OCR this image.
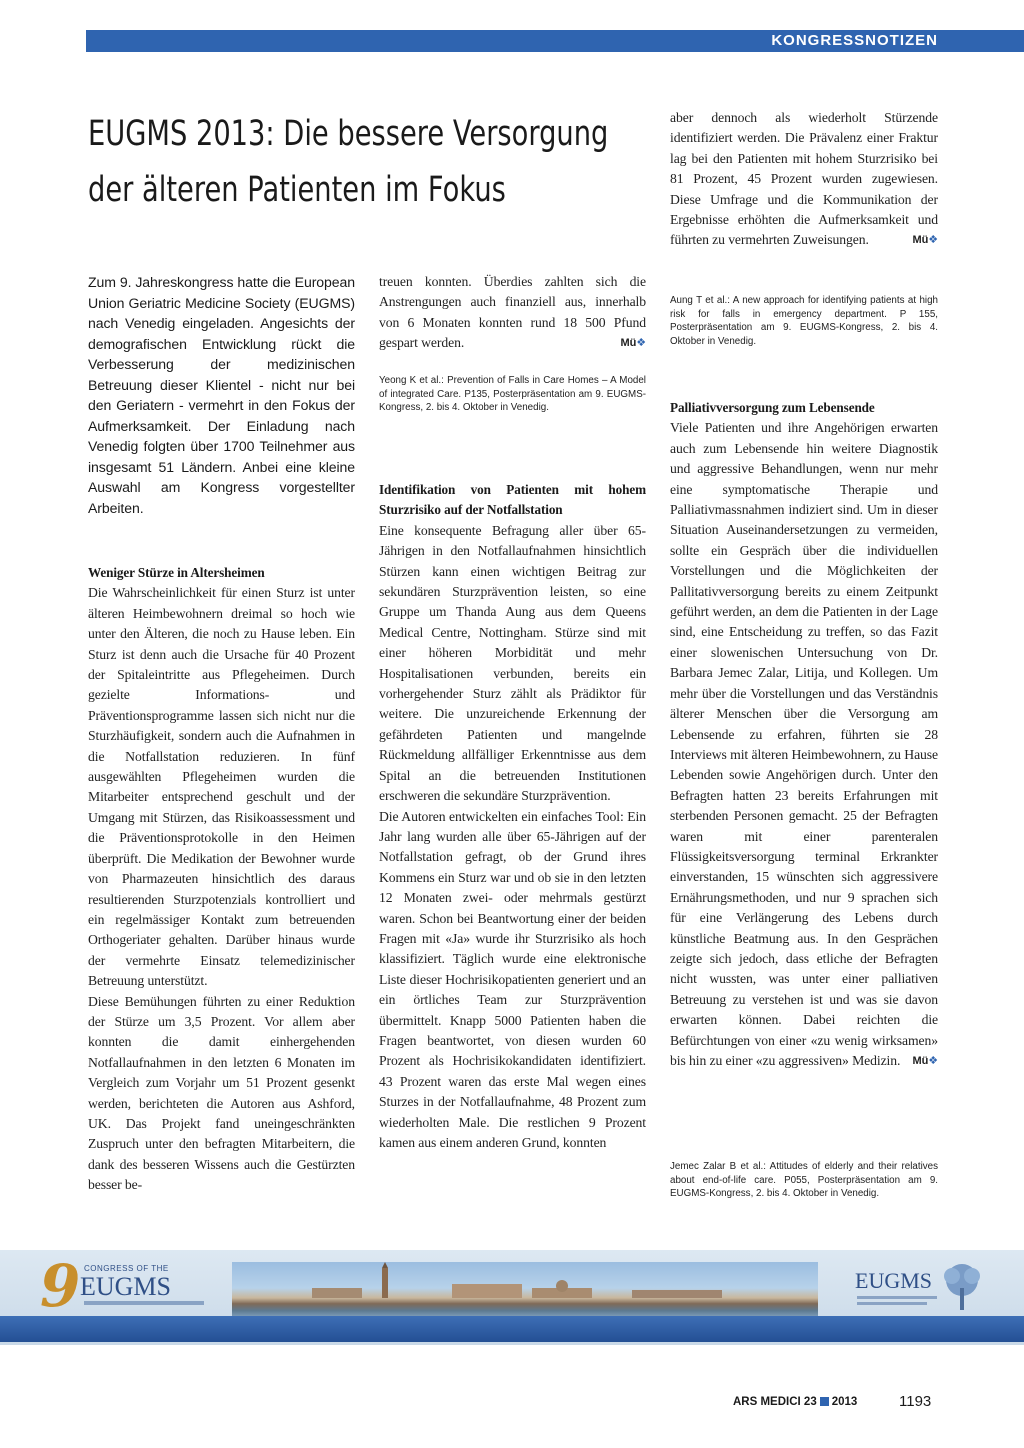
KONGRESSNOTIZEN
EUGMS 2013: Die bessere Versorgung
der älteren Patienten im Fokus
Zum 9. Jahreskongress hatte die European Union Geriatric Medicine Society (EUGMS) nach Venedig eingeladen. Angesichts der demografischen Entwicklung rückt die Verbesserung der medizinischen Betreuung dieser Klientel - nicht nur bei den Geriatern - vermehrt in den Fokus der Aufmerksamkeit. Der Einladung nach Venedig folgten über 1700 Teilnehmer aus insgesamt 51 Ländern. Anbei eine kleine Auswahl am Kongress vorgestellter Arbeiten.

Weniger Stürze in Altersheimen

Die Wahrscheinlichkeit für einen Sturz ist unter älteren Heimbewohnern dreimal so hoch wie unter den Älteren, die noch zu Hause leben. Ein Sturz ist denn auch die Ursache für 40 Prozent der Spitaleintritte aus Pflegeheimen. Durch gezielte Informations- und Präventionsprogramme lassen sich nicht nur die Sturzhäufigkeit, sondern auch die Aufnahmen in die Notfallstation reduzieren. In fünf ausgewählten Pflegeheimen wurden die Mitarbeiter entsprechend geschult und der Umgang mit Stürzen, das Risikoassessment und die Präventionsprotokolle in den Heimen überprüft. Die Medikation der Bewohner wurde von Pharmazeuten hinsichtlich des daraus resultierenden Sturzpotenzials kontrolliert und ein regelmässiger Kontakt zum betreuenden Orthogeriater gehalten. Darüber hinaus wurde der vermehrte Einsatz telemedizinischer Betreuung unterstützt.

Diese Bemühungen führten zu einer Reduktion der Stürze um 3,5 Prozent. Vor allem aber konnten die damit einhergehenden Notfallaufnahmen in den letzten 6 Monaten im Vergleich zum Vorjahr um 51 Prozent gesenkt werden, berichteten die Autoren aus Ashford, UK. Das Projekt fand uneingeschränkten Zuspruch unter den befragten Mitarbeitern, die dank des besseren Wissens auch die Gestürzten besser be-

treuen konnten. Überdies zahlten sich die Anstrengungen auch finanziell aus, innerhalb von 6 Monaten konnten rund 18 500 Pfund gespart werden.	Mü❖

Yeong K et al.: Prevention of Falls in Care Homes – A Model of integrated Care. P135, Posterpräsentation am 9. EUGMS-Kongress, 2. bis 4. Oktober in Venedig.

Identifikation von Patienten mit hohem Sturzrisiko auf der Notfallstation

Eine konsequente Befragung aller über 65-Jährigen in den Notfallaufnahmen hinsichtlich Stürzen kann einen wichtigen Beitrag zur sekundären Sturzprävention leisten, so eine Gruppe um Thanda Aung aus dem Queens Medical Centre, Nottingham. Stürze sind mit einer höheren Morbidität und mehr Hospitalisationen verbunden, bereits ein vorhergehender Sturz zählt als Prädiktor für weitere. Die unzureichende Erkennung der gefährdeten Patienten und mangelnde Rückmeldung allfälliger Erkenntnisse aus dem Spital an die betreuenden Institutionen erschweren die sekundäre Sturzprävention.

Die Autoren entwickelten ein einfaches Tool: Ein Jahr lang wurden alle über 65-Jährigen auf der Notfallstation gefragt, ob der Grund ihres Kommens ein Sturz war und ob sie in den letzten 12 Monaten zwei- oder mehrmals gestürzt waren. Schon bei Beantwortung einer der beiden Fragen mit «Ja» wurde ihr Sturzrisiko als hoch klassifiziert. Täglich wurde eine elektronische Liste dieser Hochrisikopatienten generiert und an ein örtliches Team zur Sturzprävention übermittelt. Knapp 5000 Patienten haben die Fragen beantwortet, von diesen wurden 60 Prozent als Hochrisikokandidaten identifiziert. 43 Prozent waren das erste Mal wegen eines Sturzes in der Notfallaufnahme, 48 Prozent zum wiederholten Male. Die restlichen 9 Prozent kamen aus einem anderen Grund, konnten

aber dennoch als wiederholt Stürzende identifiziert werden. Die Prävalenz einer Fraktur lag bei den Patienten mit hohem Sturzrisiko bei 81 Prozent, 45 Prozent wurden zugewiesen. Diese Umfrage und die Kommunikation der Ergebnisse erhöhten die Aufmerksamkeit und führten zu vermehrten Zuweisungen.	Mü❖

Aung T et al.: A new approach for identifying patients at high risk for falls in emergency department. P 155, Posterpräsentation am 9. EUGMS-Kongress, 2. bis 4. Oktober in Venedig.

Palliativversorgung zum Lebensende

Viele Patienten und ihre Angehörigen erwarten auch zum Lebensende hin weitere Diagnostik und aggressive Behandlungen, wenn nur mehr eine symptomatische Therapie und Palliativmassnahmen indiziert sind. Um in dieser Situation Auseinandersetzungen zu vermeiden, sollte ein Gespräch über die individuellen Vorstellungen und die Möglichkeiten der Pallitativversorgung bereits zu einem Zeitpunkt geführt werden, an dem die Patienten in der Lage sind, eine Entscheidung zu treffen, so das Fazit einer slowenischen Untersuchung von Dr. Barbara Jemec Zalar, Litija, und Kollegen. Um mehr über die Vorstellungen und das Verständnis älterer Menschen über die Versorgung am Lebensende zu erfahren, führten sie 28 Interviews mit älteren Heimbewohnern, zu Hause Lebenden sowie Angehörigen durch. Unter den Befragten hatten 23 bereits Erfahrungen mit sterbenden Personen gemacht. 25 der Befragten waren mit einer parenteralen Flüssigkeitsversorgung terminal Erkrankter einverstanden, 15 wünschten sich aggressivere Ernährungsmethoden, und nur 9 sprachen sich für eine Verlängerung des Lebens durch künstliche Beatmung aus. In den Gesprächen zeigte sich jedoch, dass etliche der Befragten nicht wussten, was unter einer palliativen Betreuung zu verstehen ist und was sie davon erwarten können. Dabei reichten die Befürchtungen von einer «zu wenig wirksamen» bis hin zu einer «zu aggressiven» Medizin. Mü❖

Jemec Zalar B et al.: Attitudes of elderly and their relatives about end-of-life care. P055, Posterpräsentation am 9. EUGMS-Kongress, 2. bis 4. Oktober in Venedig.
9 CONGRESS OF THE
EUGMS	EUGMS
ARS MEDICI 23 2013	1193
